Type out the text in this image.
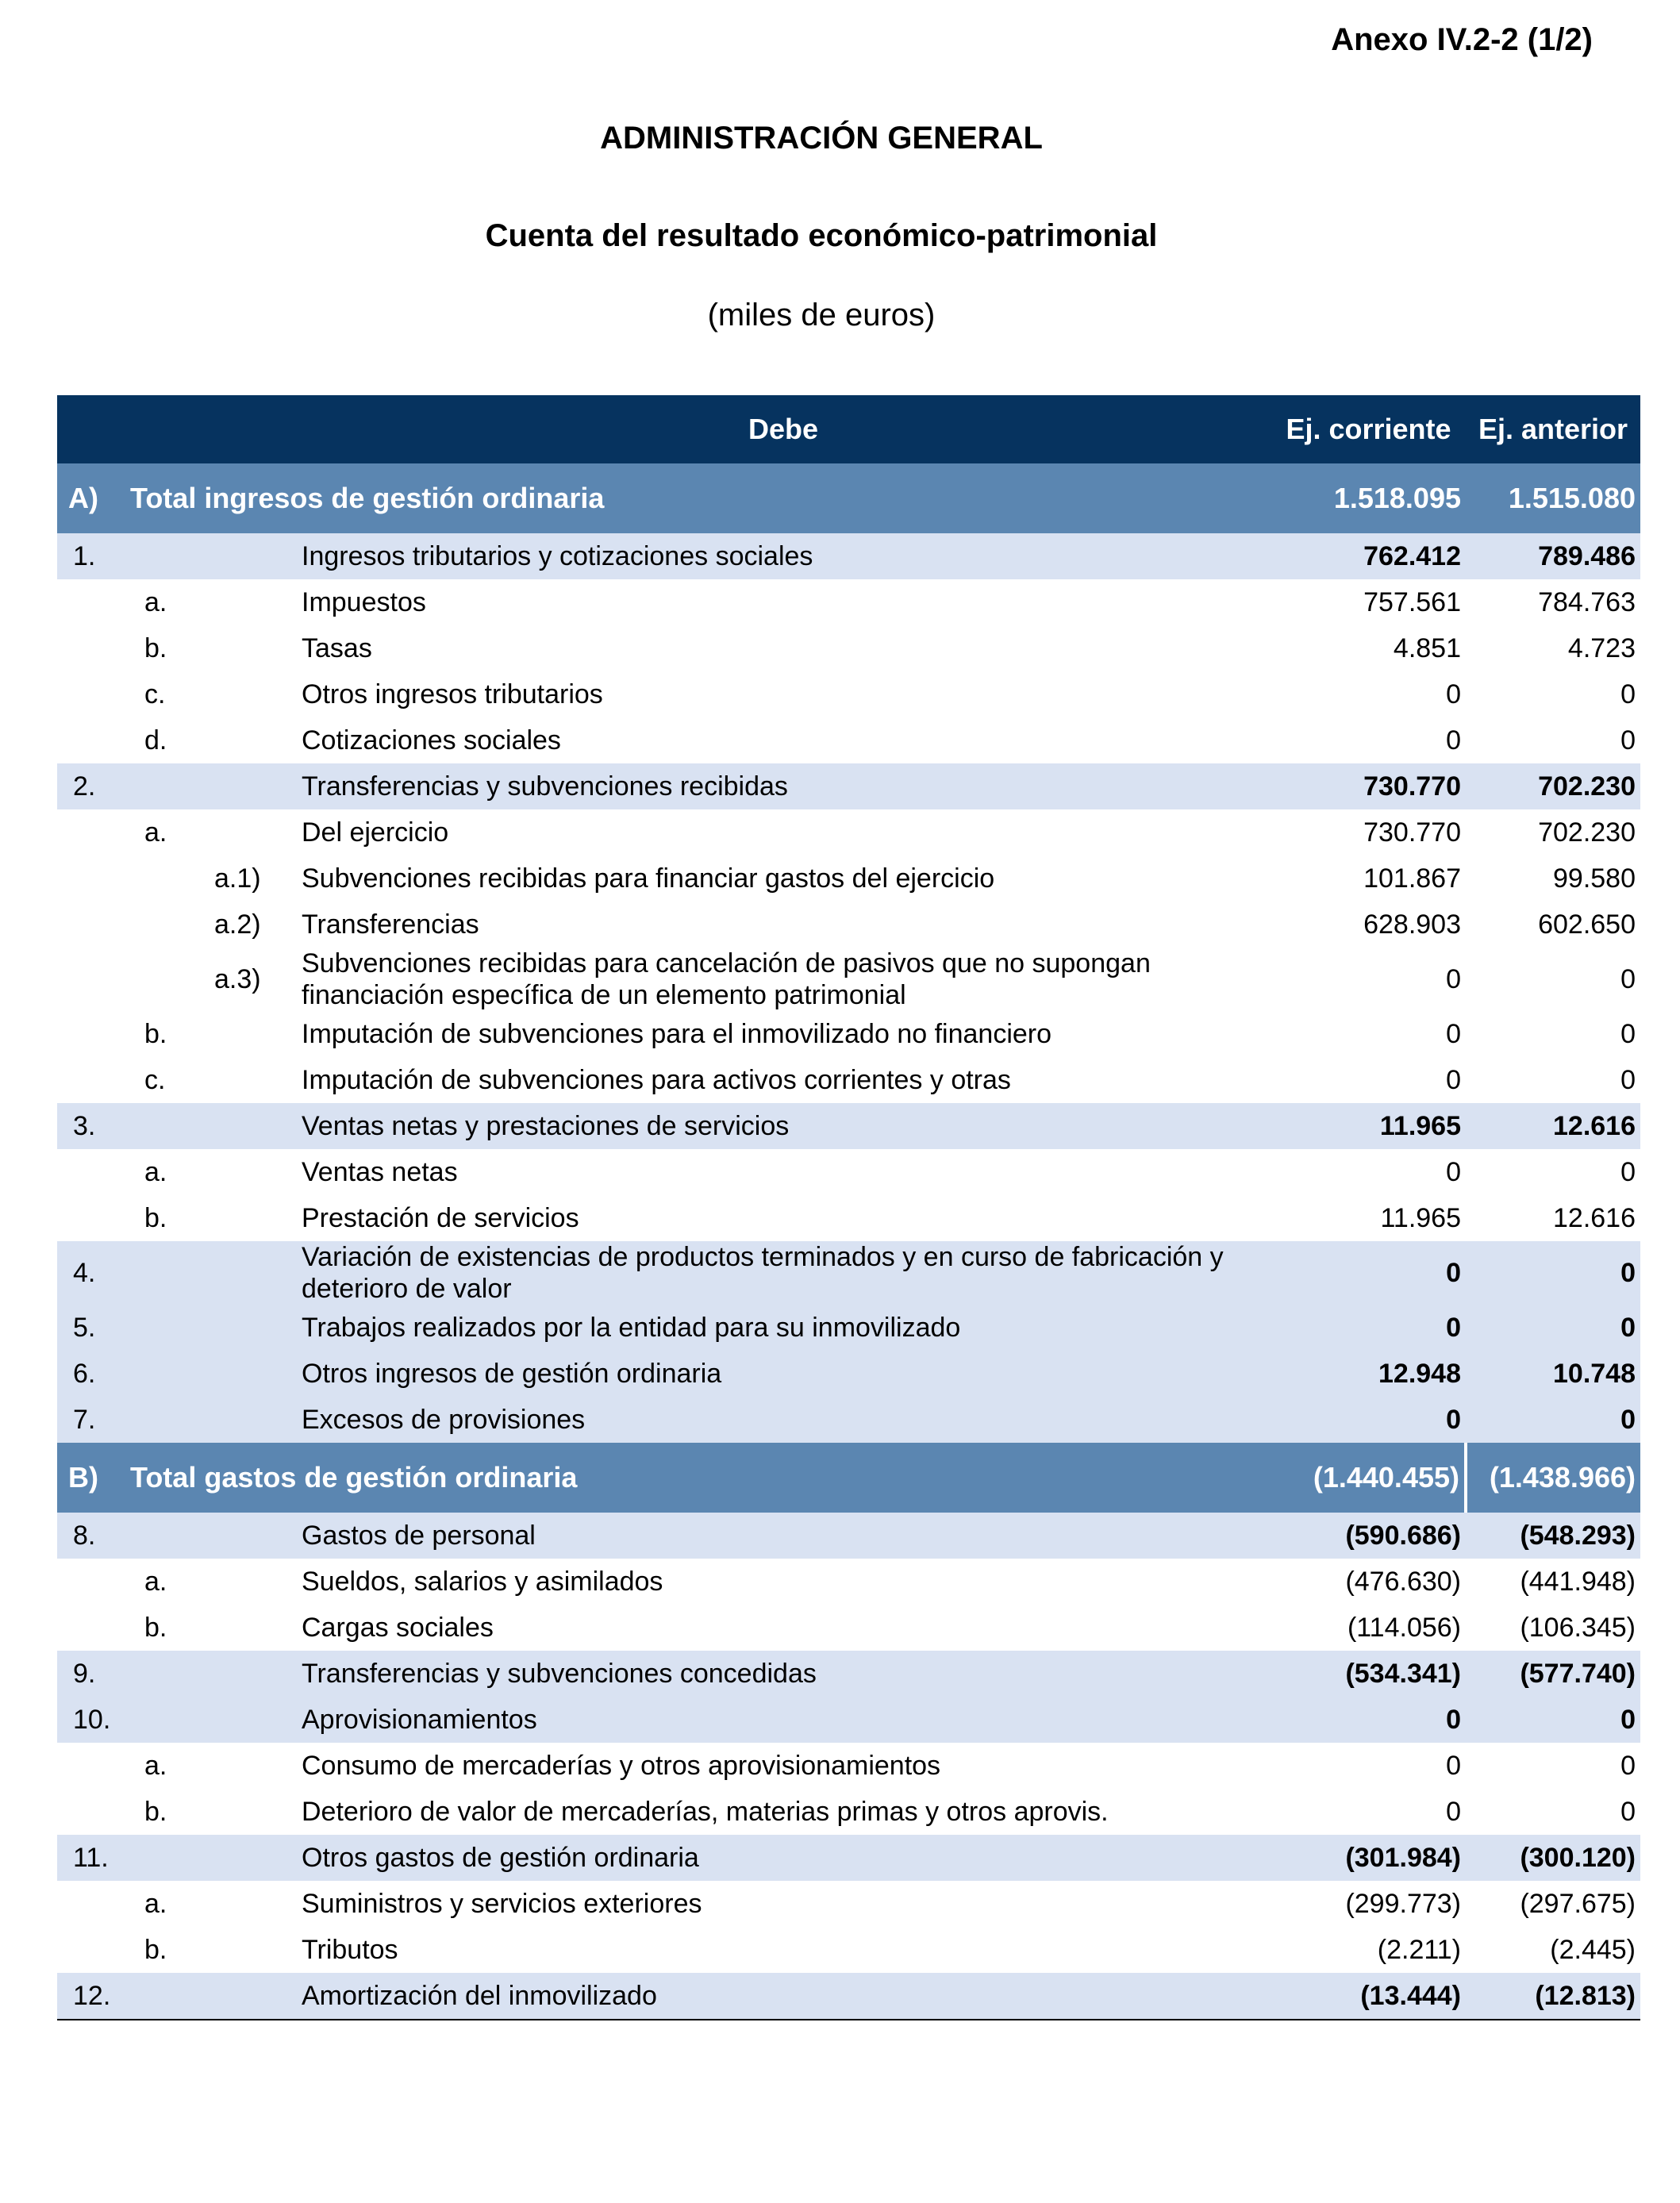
Anexo IV.2-2 (1/2)
ADMINISTRACIÓN GENERAL
Cuenta del resultado económico-patrimonial
(miles de euros)
	Debe	Ej. corriente	Ej. anterior
A) Total ingresos de gestión ordinaria		1.518.095	1.515.080
1.	Ingresos tributarios y cotizaciones sociales	762.412	789.486
a.	Impuestos	757.561	784.763
b.	Tasas	4.851	4.723
c.	Otros ingresos tributarios	0	0
d.	Cotizaciones sociales	0	0
2.	Transferencias y subvenciones recibidas	730.770	702.230
a.	Del ejercicio	730.770	702.230
a.1)	Subvenciones recibidas para financiar gastos del ejercicio	101.867	99.580
a.2)	Transferencias	628.903	602.650
a.3)	Subvenciones recibidas para cancelación de pasivos que no supongan financiación específica de un elemento patrimonial	0	0
b.	Imputación de subvenciones para el inmovilizado no financiero	0	0
c.	Imputación de subvenciones para activos corrientes y otras	0	0
3.	Ventas netas y prestaciones de servicios	11.965	12.616
a.	Ventas netas	0	0
b.	Prestación de servicios	11.965	12.616
4.	Variación de existencias de productos terminados y en curso de fabricación y deterioro de valor	0	0
5.	Trabajos realizados por la entidad para su inmovilizado	0	0
6.	Otros ingresos de gestión ordinaria	12.948	10.748
7.	Excesos de provisiones	0	0
B) Total gastos de gestión ordinaria		(1.440.455)	(1.438.966)
8.	Gastos de personal	(590.686)	(548.293)
a.	Sueldos, salarios y asimilados	(476.630)	(441.948)
b.	Cargas sociales	(114.056)	(106.345)
9.	Transferencias y subvenciones concedidas	(534.341)	(577.740)
10.	Aprovisionamientos	0	0
a.	Consumo de mercaderías y otros aprovisionamientos	0	0
b.	Deterioro de valor de mercaderías, materias primas y otros aprovis.	0	0
11.	Otros gastos de gestión ordinaria	(301.984)	(300.120)
a.	Suministros y servicios exteriores	(299.773)	(297.675)
b.	Tributos	(2.211)	(2.445)
12.	Amortización del inmovilizado	(13.444)	(12.813)
